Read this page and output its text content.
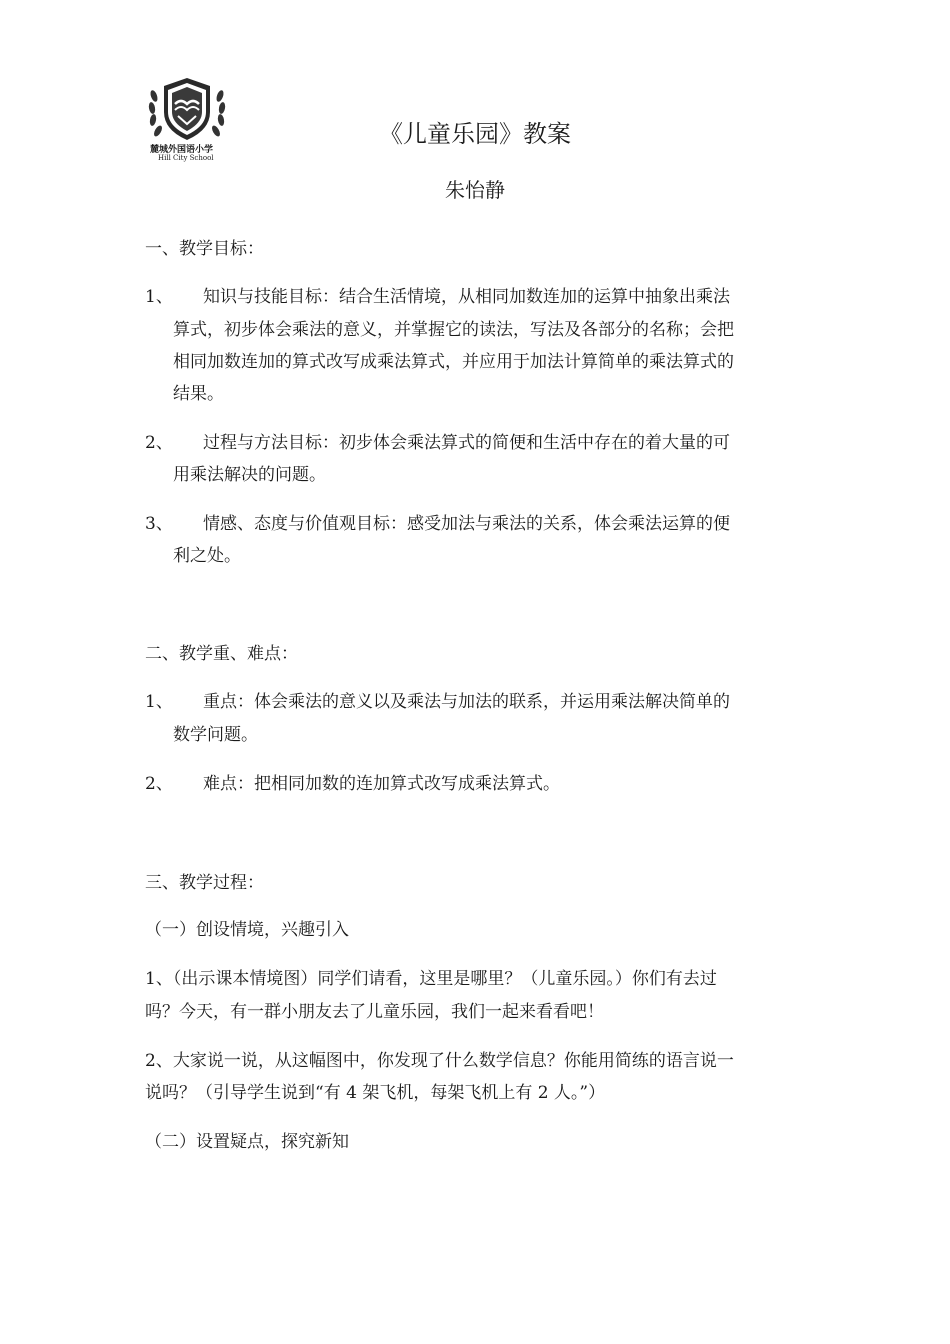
麓城外国语小学
Hill City School
《儿童乐园》教案
朱怡静
一、教学目标：
1、 知识与技能目标：结合生活情境，从相同加数连加的运算中抽象出乘法
算式，初步体会乘法的意义，并掌握它的读法，写法及各部分的名称；会把
相同加数连加的算式改写成乘法算式，并应用于加法计算简单的乘法算式的
结果。
2、 过程与方法目标：初步体会乘法算式的简便和生活中存在的着大量的可
用乘法解决的问题。
3、 情感、态度与价值观目标：感受加法与乘法的关系，体会乘法运算的便
利之处。
二、教学重、难点：
1、 重点：体会乘法的意义以及乘法与加法的联系，并运用乘法解决简单的
数学问题。
2、 难点：把相同加数的连加算式改写成乘法算式。
三、教学过程：
（一）创设情境，兴趣引入
1、（出示课本情境图）同学们请看，这里是哪里？（儿童乐园。）你们有去过
吗？今天，有一群小朋友去了儿童乐园，我们一起来看看吧！
2、大家说一说，从这幅图中，你发现了什么数学信息？你能用简练的语言说一
说吗？（引导学生说到“有 4 架飞机，每架飞机上有 2 人。”）
（二）设置疑点，探究新知
